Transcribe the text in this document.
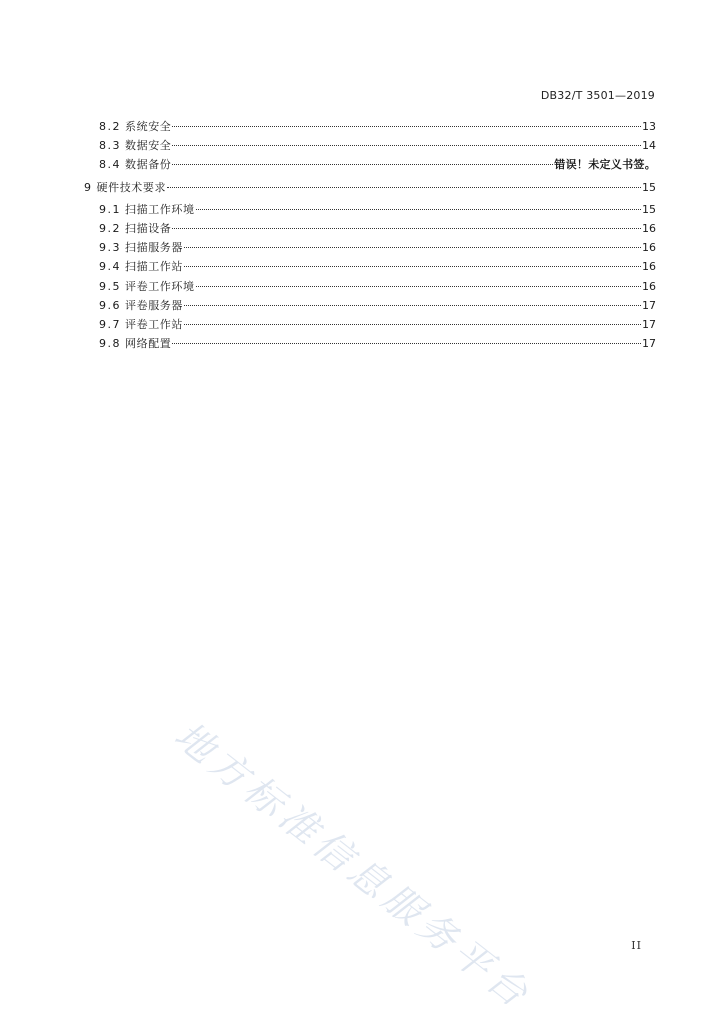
DB32/T 3501—2019
8.2 系统安全	13
8.3 数据安全	14
8.4 数据备份	错误！未定义书签。
9 硬件技术要求	15
9.1 扫描工作环境	15
9.2 扫描设备	16
9.3 扫描服务器	16
9.4 扫描工作站	16
9.5 评卷工作环境	16
9.6 评卷服务器	17
9.7 评卷工作站	17
9.8 网络配置	17
地方标准信息服务平台	II
